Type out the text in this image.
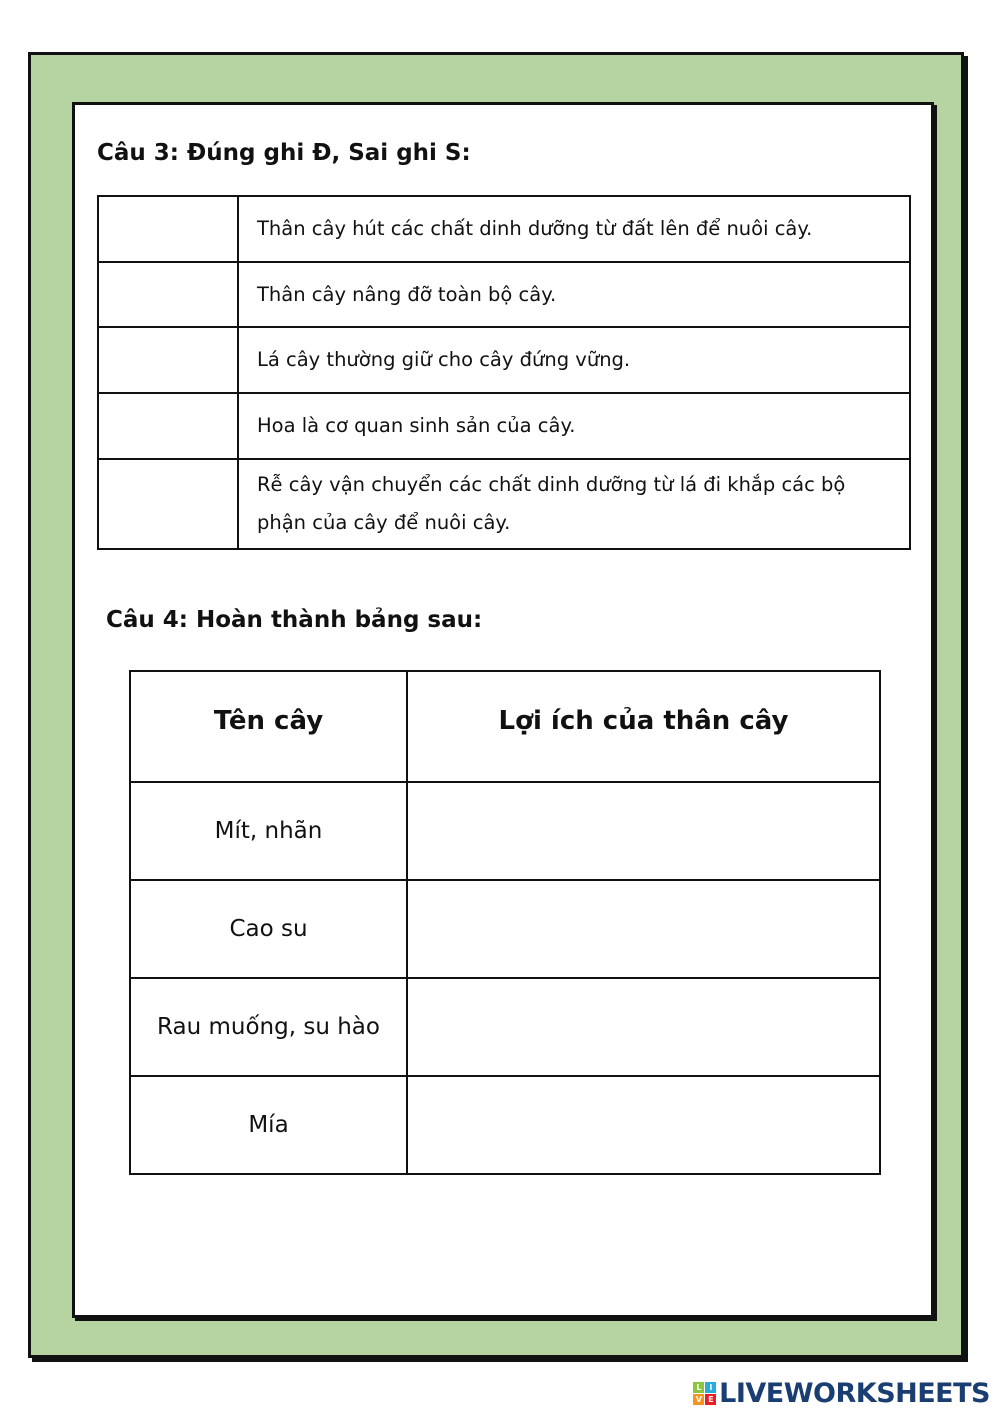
Câu 3: Đúng ghi Đ, Sai ghi S:
	Thân cây hút các chất dinh dưỡng từ đất lên để nuôi cây.
	Thân cây nâng đỡ toàn bộ cây.
	Lá cây thường giữ cho cây đứng vững.
	Hoa là cơ quan sinh sản của cây.
	Rễ cây vận chuyển các chất dinh dưỡng từ lá đi khắp các bộ phận của cây để nuôi cây.
Câu 4: Hoàn thành bảng sau:
Tên cây	Lợi ích của thân cây
Mít, nhãn	
Cao su	
Rau muống, su hào	
Mía	
L	I
V E LIVEWORKSHEETS
